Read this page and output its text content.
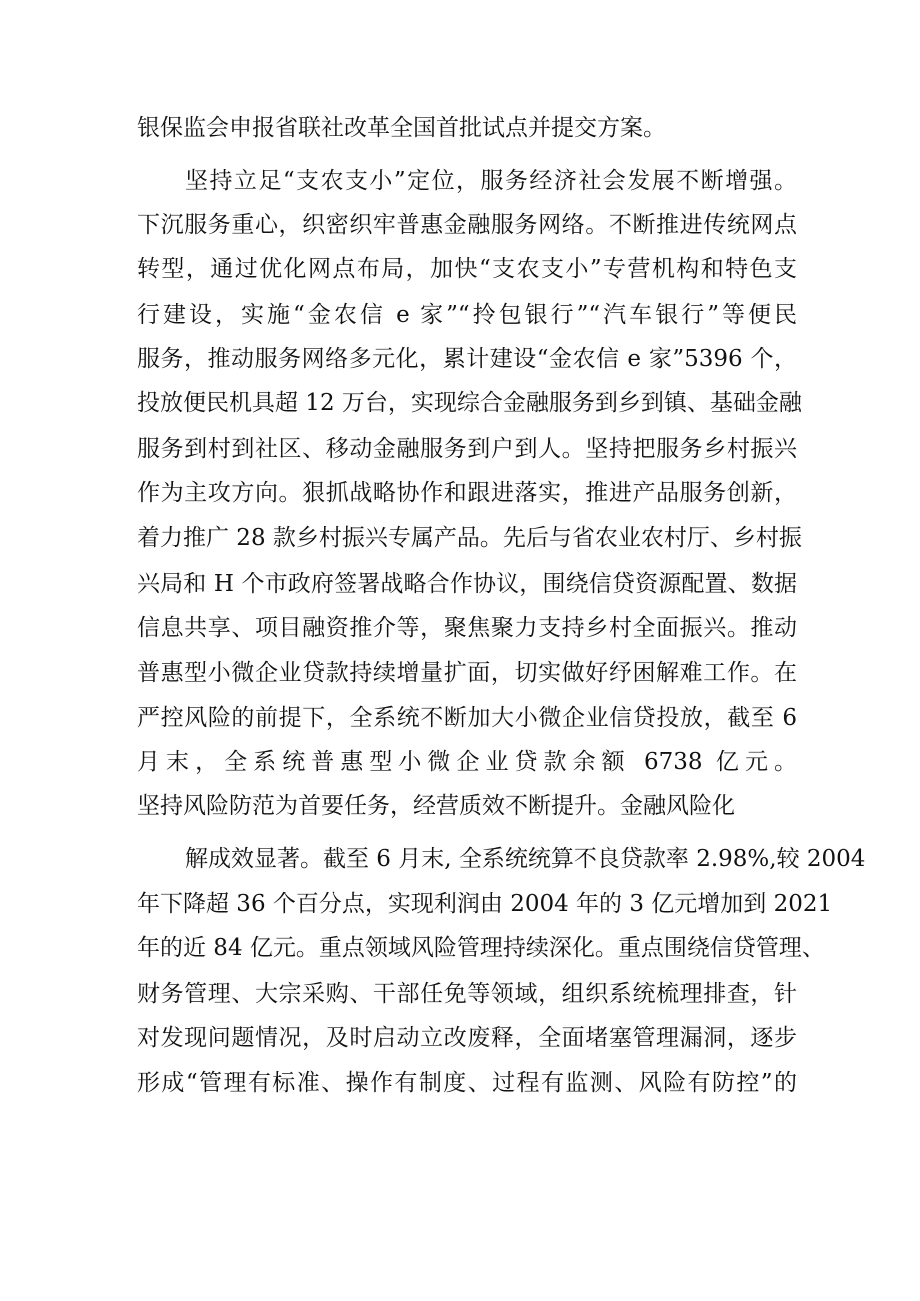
银保监会申报省联社改革全国首批试点并提交方案。
坚持立足“支农支小”定位，服务经济社会发展不断增强。
下沉服务重心，织密织牢普惠金融服务网络。不断推进传统网点
转型，通过优化网点布局，加快“支农支小”专营机构和特色支
行建设，实施“金农信 e 家”“拎包银行”“汽车银行”等便民
服务，推动服务网络多元化，累计建设“金农信 e 家”5396 个，
投放便民机具超 12 万台，实现综合金融服务到乡到镇、基础金融
服务到村到社区、移动金融服务到户到人。坚持把服务乡村振兴
作为主攻方向。狠抓战略协作和跟进落实，推进产品服务创新，
着力推广 28 款乡村振兴专属产品。先后与省农业农村厅、乡村振
兴局和 H 个市政府签署战略合作协议，围绕信贷资源配置、数据
信息共享、项目融资推介等，聚焦聚力支持乡村全面振兴。推动
普惠型小微企业贷款持续增量扩面，切实做好纾困解难工作。在
严控风险的前提下，全系统不断加大小微企业信贷投放，截至 6
月末，全系统普惠型小微企业贷款余额 6738 亿元。
坚持风险防范为首要任务，经营质效不断提升。金融风险化
解成效显著。截至 6 月末, 全系统统算不良贷款率 2.98%,较 2004
年下降超 36 个百分点，实现利润由 2004 年的 3 亿元增加到 2021
年的近 84 亿元。重点领域风险管理持续深化。重点围绕信贷管理、
财务管理、大宗采购、干部任免等领域，组织系统梳理排查，针
对发现问题情况，及时启动立改废释，全面堵塞管理漏洞，逐步
形成“管理有标准、操作有制度、过程有监测、风险有防控”的
